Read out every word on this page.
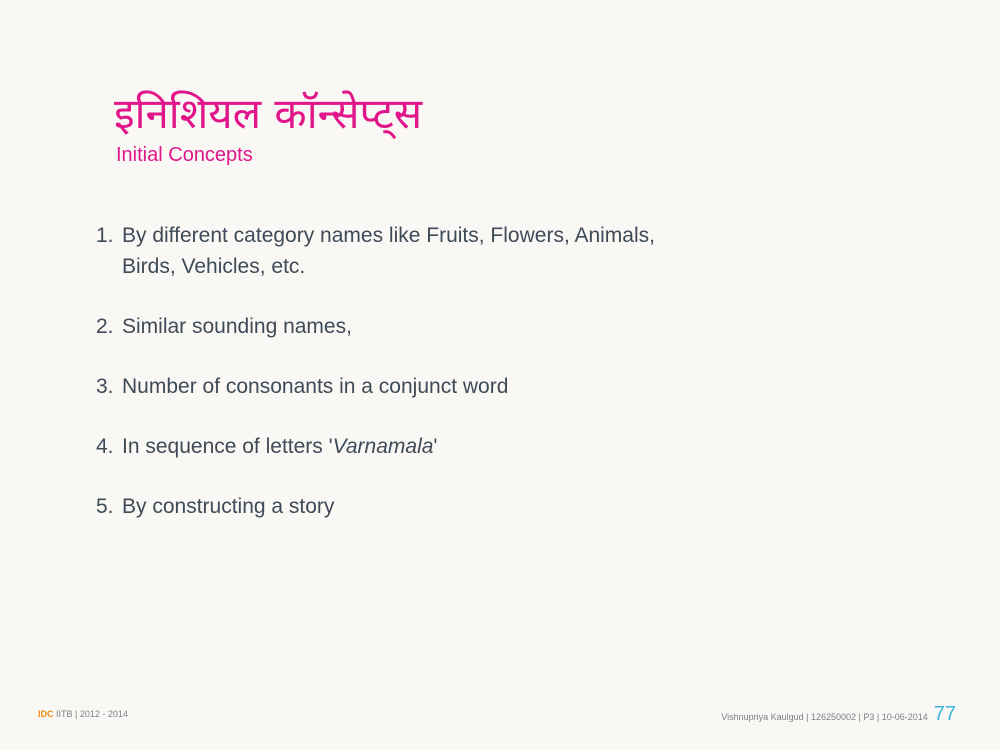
इनिशियल कॉन्सेप्ट्स
Initial Concepts
1. By different category names like Fruits, Flowers, Animals, Birds, Vehicles, etc.
2. Similar sounding names,
3. Number of consonants in a conjunct word
4. In sequence of letters 'Varnamala'
5. By constructing a story
IDC IITB | 2012 - 2014	Vishnupriya Kaulgud | 126250002 | P3 | 10-06-2014 77
